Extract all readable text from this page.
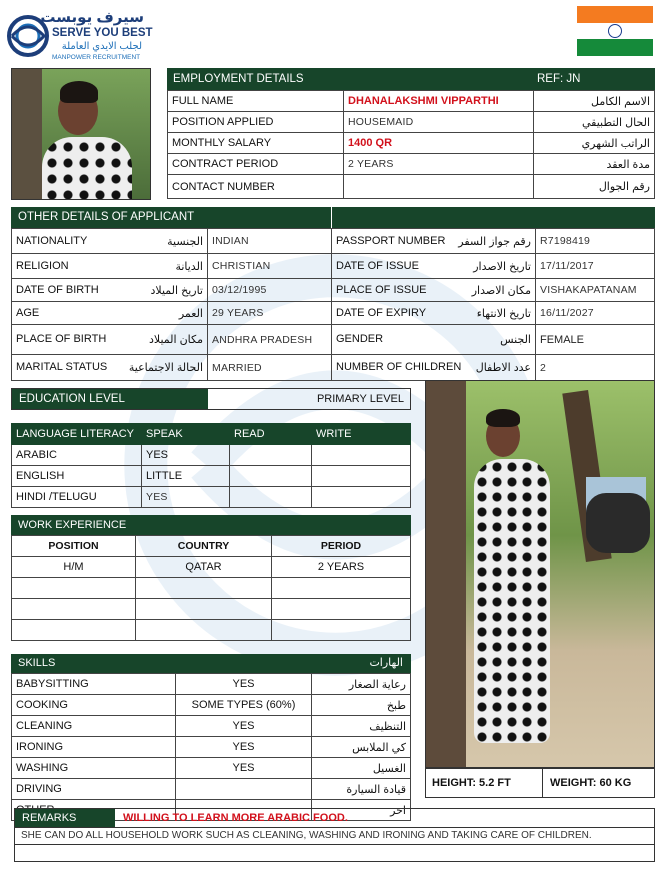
سيرف يوبست
SERVE YOU BEST
لجلب الايدي العاملة
MANPOWER RECRUITMENT
EMPLOYMENT DETAILS	REF: JN
FULL NAME	DHANALAKSHMI VIPPARTHI	الاسم الكامل
POSITION APPLIED	HOUSEMAID	الحال التطبيقي
MONTHLY SALARY	1400 QR	الراتب الشهري
CONTRACT PERIOD	2 YEARS	مدة العقد
CONTACT NUMBER		رقم الجوال
OTHER DETAILS OF APPLICANT
NATIONALITY الجنسية	INDIAN	PASSPORT NUMBER رقم جواز السفر	R7198419
RELIGION الديانة	CHRISTIAN	DATE OF ISSUE تاريخ الاصدار	17/11/2017
DATE OF BIRTH تاريخ الميلاد	03/12/1995	PLACE OF ISSUE مكان الاصدار	VISHAKAPATANAM
AGE العمر	29 YEARS	DATE OF EXPIRY تاريخ الانتهاء	16/11/2027
PLACE OF BIRTH مكان الميلاد	ANDHRA PRADESH	GENDER الجنس	FEMALE
MARITAL STATUS الحالة الاجتماعية	MARRIED	NUMBER OF CHILDREN عدد الاطفال	2
EDUCATION LEVEL	PRIMARY LEVEL
LANGUAGE LITERACY	SPEAK	READ	WRITE
ARABIC	YES		
ENGLISH	LITTLE		
HINDI /TELUGU	YES		
WORK EXPERIENCE
POSITION	COUNTRY	PERIOD
H/M	QATAR	2 YEARS

SKILLS	الهارات
BABYSITTING	YES	رعاية الصغار
COOKING	SOME TYPES (60%)	طبخ
CLEANING	YES	التنظيف
IRONING	YES	كي الملابس
WASHING	YES	الغسيل
DRIVING		قيادة السيارة
		اخر
HEIGHT: 5.2 FT	WEIGHT: 60 KG
REMARKS	WILLING TO LEARN MORE ARABIC FOOD.
SHE CAN DO ALL HOUSEHOLD WORK SUCH AS CLEANING, WASHING AND IRONING AND TAKING CARE OF CHILDREN.
